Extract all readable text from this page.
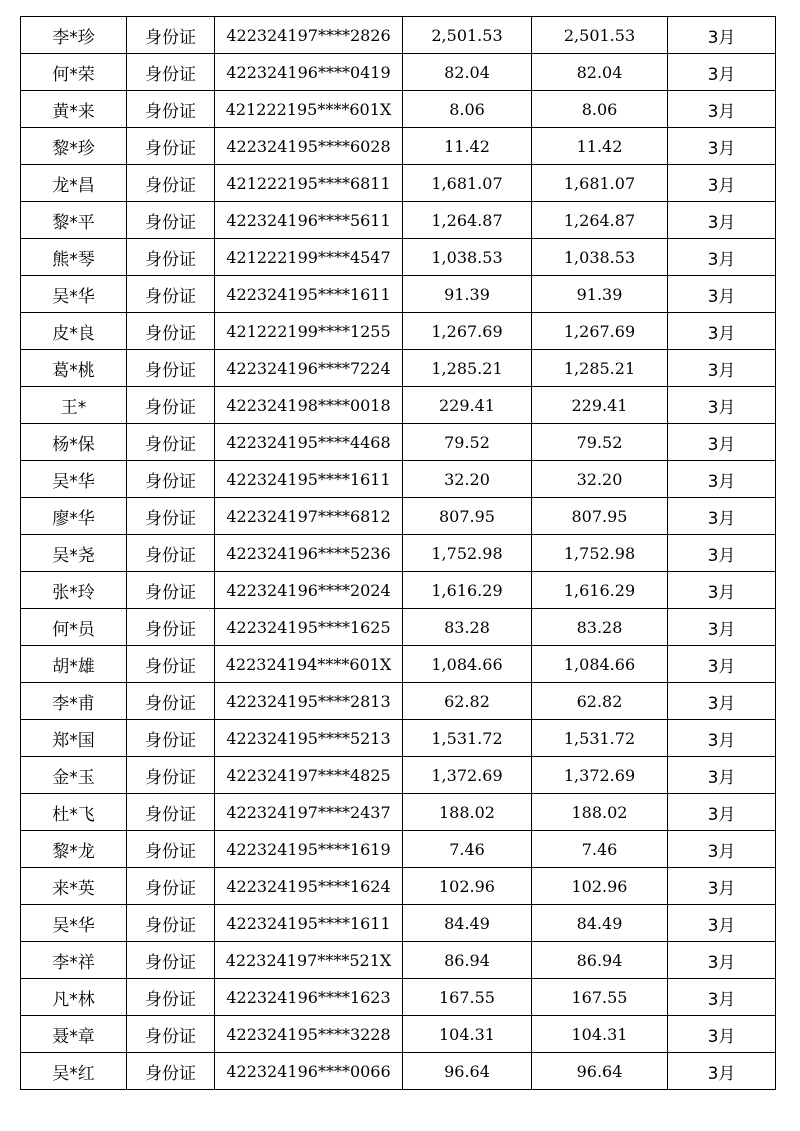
李*珍	身份证	422324197****2826	2,501.53	2,501.53	3月
何*荣	身份证	422324196****0419	82.04	82.04	3月
黄*来	身份证	421222195****601X	8.06	8.06	3月
黎*珍	身份证	422324195****6028	11.42	11.42	3月
龙*昌	身份证	421222195****6811	1,681.07	1,681.07	3月
黎*平	身份证	422324196****5611	1,264.87	1,264.87	3月
熊*琴	身份证	421222199****4547	1,038.53	1,038.53	3月
吴*华	身份证	422324195****1611	91.39	91.39	3月
皮*良	身份证	421222199****1255	1,267.69	1,267.69	3月
葛*桃	身份证	422324196****7224	1,285.21	1,285.21	3月
王*	身份证	422324198****0018	229.41	229.41	3月
杨*保	身份证	422324195****4468	79.52	79.52	3月
吴*华	身份证	422324195****1611	32.20	32.20	3月
廖*华	身份证	422324197****6812	807.95	807.95	3月
吴*尧	身份证	422324196****5236	1,752.98	1,752.98	3月
张*玲	身份证	422324196****2024	1,616.29	1,616.29	3月
何*员	身份证	422324195****1625	83.28	83.28	3月
胡*雄	身份证	422324194****601X	1,084.66	1,084.66	3月
李*甫	身份证	422324195****2813	62.82	62.82	3月
郑*国	身份证	422324195****5213	1,531.72	1,531.72	3月
金*玉	身份证	422324197****4825	1,372.69	1,372.69	3月
杜*飞	身份证	422324197****2437	188.02	188.02	3月
黎*龙	身份证	422324195****1619	7.46	7.46	3月
来*英	身份证	422324195****1624	102.96	102.96	3月
吴*华	身份证	422324195****1611	84.49	84.49	3月
李*祥	身份证	422324197****521X	86.94	86.94	3月
凡*林	身份证	422324196****1623	167.55	167.55	3月
聂*章	身份证	422324195****3228	104.31	104.31	3月
吴*红	身份证	422324196****0066	96.64	96.64	3月
